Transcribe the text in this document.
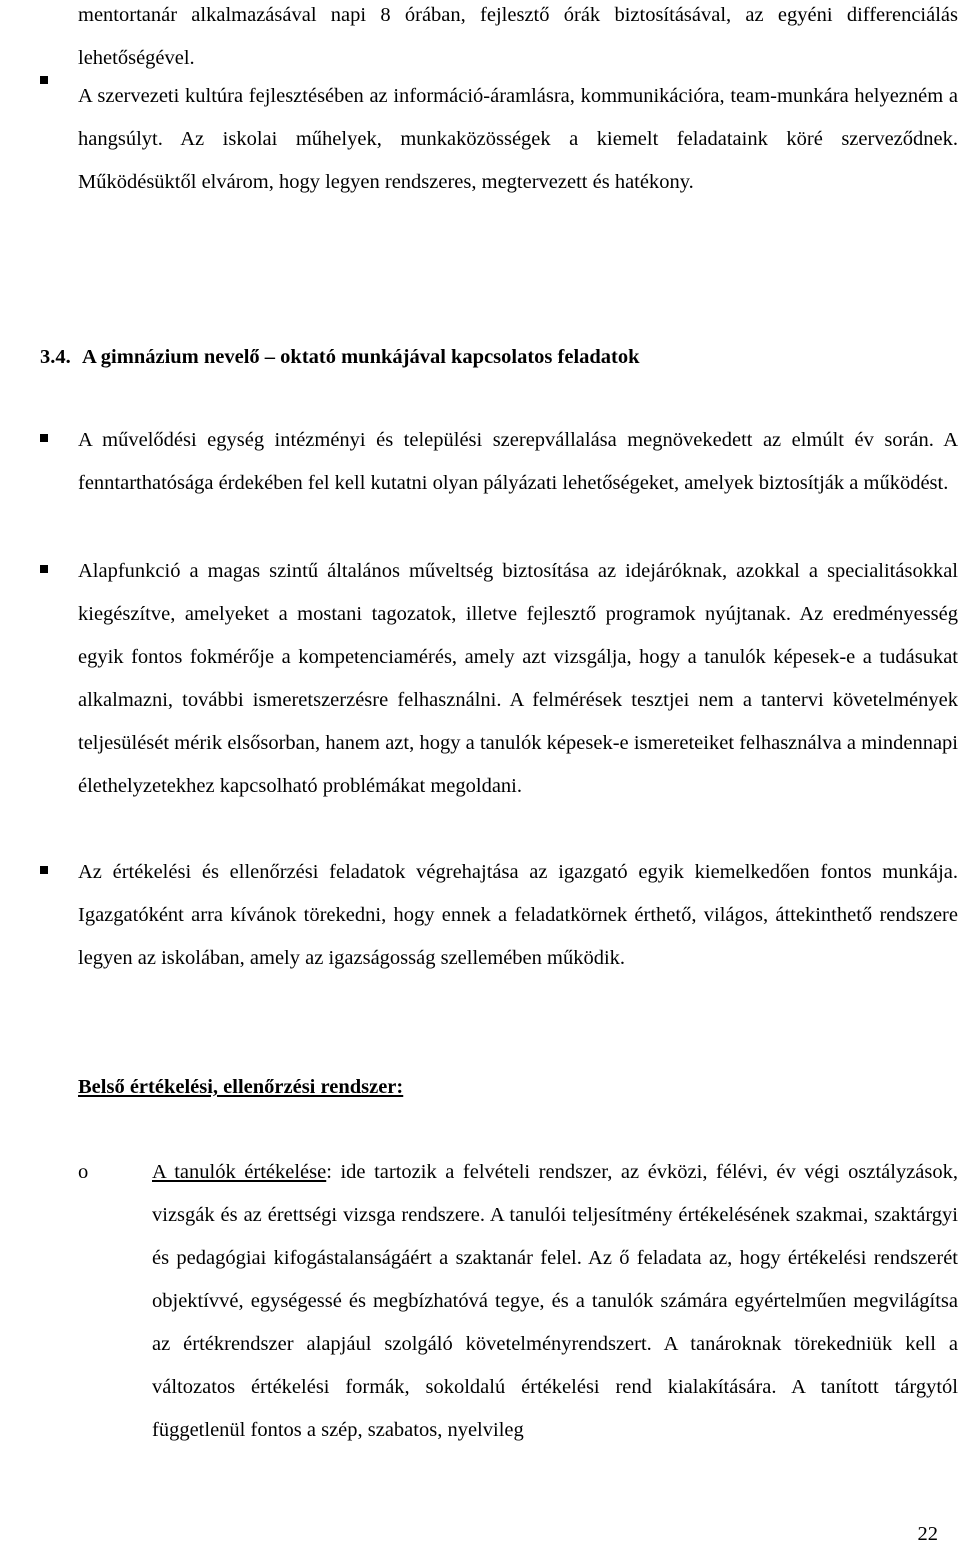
mentortanár alkalmazásával napi 8 órában, fejlesztő órák biztosításával, az egyéni differenciálás lehetőségével.
A szervezeti kultúra fejlesztésében az információ-áramlásra, kommunikációra, team-munkára helyezném a hangsúlyt. Az iskolai műhelyek, munkaközösségek a kiemelt feladataink köré szerveződnek. Működésüktől elvárom, hogy legyen rendszeres, megtervezett és hatékony.
3.4. A gimnázium nevelő – oktató munkájával kapcsolatos feladatok
A művelődési egység intézményi és települési szerepvállalása megnövekedett az elmúlt év során. A fenntarthatósága érdekében fel kell kutatni olyan pályázati lehetőségeket, amelyek biztosítják a működést.
Alapfunkció a magas szintű általános műveltség biztosítása az idejáróknak, azokkal a specialitásokkal kiegészítve, amelyeket a mostani tagozatok, illetve fejlesztő programok nyújtanak. Az eredményesség egyik fontos fokmérője a kompetenciamérés, amely azt vizsgálja, hogy a tanulók képesek-e a tudásukat alkalmazni, további ismeretszerzésre felhasználni. A felmérések tesztjei nem a tantervi követelmények teljesülését mérik elsősorban, hanem azt, hogy a tanulók képesek-e ismereteiket felhasználva a mindennapi élethelyzetekhez kapcsolható problémákat megoldani.
Az értékelési és ellenőrzési feladatok végrehajtása az igazgató egyik kiemelkedően fontos munkája. Igazgatóként arra kívánok törekedni, hogy ennek a feladatkörnek érthető, világos, áttekinthető rendszere legyen az iskolában, amely az igazságosság szellemében működik.
Belső értékelési, ellenőrzési rendszer:
o	A tanulók értékelése: ide tartozik a felvételi rendszer, az évközi, félévi, év végi osztályzások, vizsgák és az érettségi vizsga rendszere. A tanulói teljesítmény értékelésének szakmai, szaktárgyi és pedagógiai kifogástalanságáért a szaktanár felel. Az ő feladata az, hogy értékelési rendszerét objektívvé, egységessé és megbízhatóvá tegye, és a tanulók számára egyértelműen megvilágítsa az értékrendszer alapjául szolgáló követelményrendszert. A tanároknak törekedniük kell a változatos értékelési formák, sokoldalú értékelési rend kialakítására. A tanított tárgytól függetlenül fontos a szép, szabatos, nyelvileg
22
